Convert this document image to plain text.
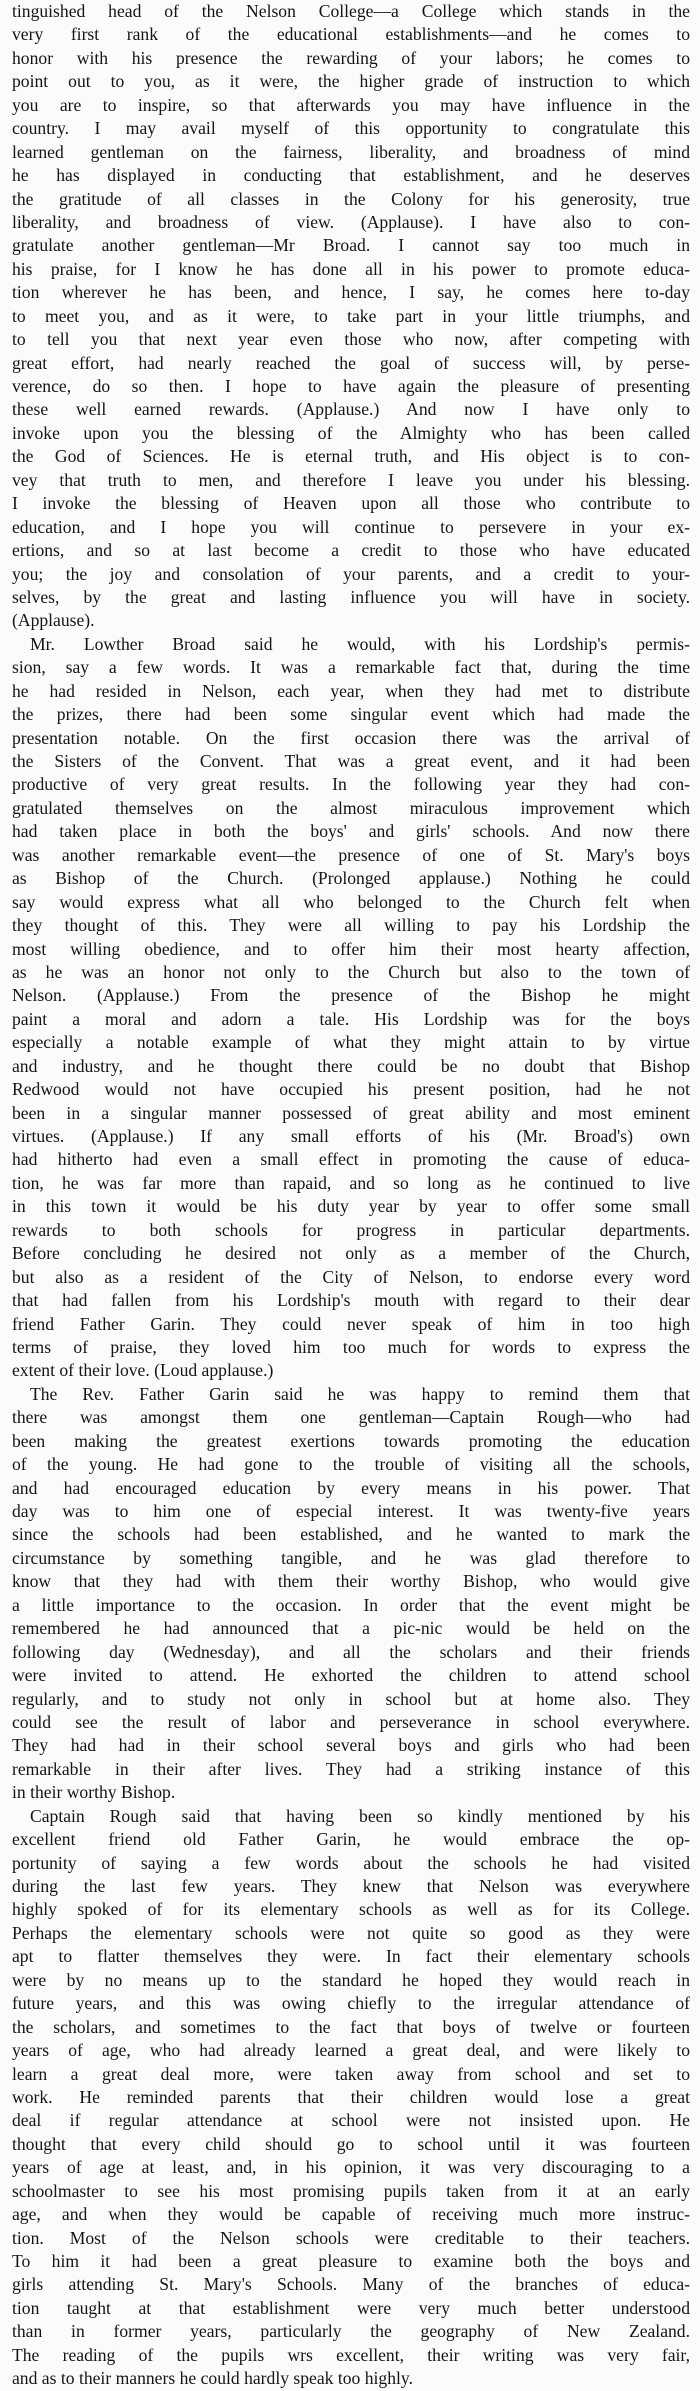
tinguished head of the Nelson College—a College which stands in the
very first rank of the educational establishments—and he comes to
honor with his presence the rewarding of your labors; he comes to
point out to you, as it were, the higher grade of instruction to which
you are to inspire, so that afterwards you may have influence in the
country. I may avail myself of this opportunity to congratulate this
learned gentleman on the fairness, liberality, and broadness of mind
he has displayed in conducting that establishment, and he deserves
the gratitude of all classes in the Colony for his generosity, true
liberality, and broadness of view. (Applause). I have also to con-
gratulate another gentleman—Mr Broad. I cannot say too much in
his praise, for I know he has done all in his power to promote educa-
tion wherever he has been, and hence, I say, he comes here to-day
to meet you, and as it were, to take part in your little triumphs, and
to tell you that next year even those who now, after competing with
great effort, had nearly reached the goal of success will, by perse-
verence, do so then. I hope to have again the pleasure of presenting
these well earned rewards. (Applause.) And now I have only to
invoke upon you the blessing of the Almighty who has been called
the God of Sciences. He is eternal truth, and His object is to con-
vey that truth to men, and therefore I leave you under his blessing.
I invoke the blessing of Heaven upon all those who contribute to
education, and I hope you will continue to persevere in your ex-
ertions, and so at last become a credit to those who have educated
you; the joy and consolation of your parents, and a credit to your-
selves, by the great and lasting influence you will have in society.
(Applause).
Mr. Lowther Broad said he would, with his Lordship's permis-
sion, say a few words. It was a remarkable fact that, during the time
he had resided in Nelson, each year, when they had met to distribute
the prizes, there had been some singular event which had made the
presentation notable. On the first occasion there was the arrival of
the Sisters of the Convent. That was a great event, and it had been
productive of very great results. In the following year they had con-
gratulated themselves on the almost miraculous improvement which
had taken place in both the boys' and girls' schools. And now there
was another remarkable event—the presence of one of St. Mary's boys
as Bishop of the Church. (Prolonged applause.) Nothing he could
say would express what all who belonged to the Church felt when
they thought of this. They were all willing to pay his Lordship the
most willing obedience, and to offer him their most hearty affection,
as he was an honor not only to the Church but also to the town of
Nelson. (Applause.) From the presence of the Bishop he might
paint a moral and adorn a tale. His Lordship was for the boys
especially a notable example of what they might attain to by virtue
and industry, and he thought there could be no doubt that Bishop
Redwood would not have occupied his present position, had he not
been in a singular manner possessed of great ability and most eminent
virtues. (Applause.) If any small efforts of his (Mr. Broad's) own
had hitherto had even a small effect in promoting the cause of educa-
tion, he was far more than rapaid, and so long as he continued to live
in this town it would be his duty year by year to offer some small
rewards to both schools for progress in particular departments.
Before concluding he desired not only as a member of the Church,
but also as a resident of the City of Nelson, to endorse every word
that had fallen from his Lordship's mouth with regard to their dear
friend Father Garin. They could never speak of him in too high
terms of praise, they loved him too much for words to express the
extent of their love. (Loud applause.)
The Rev. Father Garin said he was happy to remind them that
there was amongst them one gentleman—Captain Rough—who had
been making the greatest exertions towards promoting the education
of the young. He had gone to the trouble of visiting all the schools,
and had encouraged education by every means in his power. That
day was to him one of especial interest. It was twenty-five years
since the schools had been established, and he wanted to mark the
circumstance by something tangible, and he was glad therefore to
know that they had with them their worthy Bishop, who would give
a little importance to the occasion. In order that the event might be
remembered he had announced that a pic-nic would be held on the
following day (Wednesday), and all the scholars and their friends
were invited to attend. He exhorted the children to attend school
regularly, and to study not only in school but at home also. They
could see the result of labor and perseverance in school everywhere.
They had had in their school several boys and girls who had been
remarkable in their after lives. They had a striking instance of this
in their worthy Bishop.
Captain Rough said that having been so kindly mentioned by his
excellent friend old Father Garin, he would embrace the op-
portunity of saying a few words about the schools he had visited
during the last few years. They knew that Nelson was everywhere
highly spoked of for its elementary schools as well as for its College.
Perhaps the elementary schools were not quite so good as they were
apt to flatter themselves they were. In fact their elementary schools
were by no means up to the standard he hoped they would reach in
future years, and this was owing chiefly to the irregular attendance of
the scholars, and sometimes to the fact that boys of twelve or fourteen
years of age, who had already learned a great deal, and were likely to
learn a great deal more, were taken away from school and set to
work. He reminded parents that their children would lose a great
deal if regular attendance at school were not insisted upon. He
thought that every child should go to school until it was fourteen
years of age at least, and, in his opinion, it was very discouraging to a
schoolmaster to see his most promising pupils taken from it at an early
age, and when they would be capable of receiving much more instruc-
tion. Most of the Nelson schools were creditable to their teachers.
To him it had been a great pleasure to examine both the boys and
girls attending St. Mary's Schools. Many of the branches of educa-
tion taught at that establishment were very much better understood
than in former years, particularly the geography of New Zealand.
The reading of the pupils wrs excellent, their writing was very fair,
and as to their manners he could hardly speak too highly.
